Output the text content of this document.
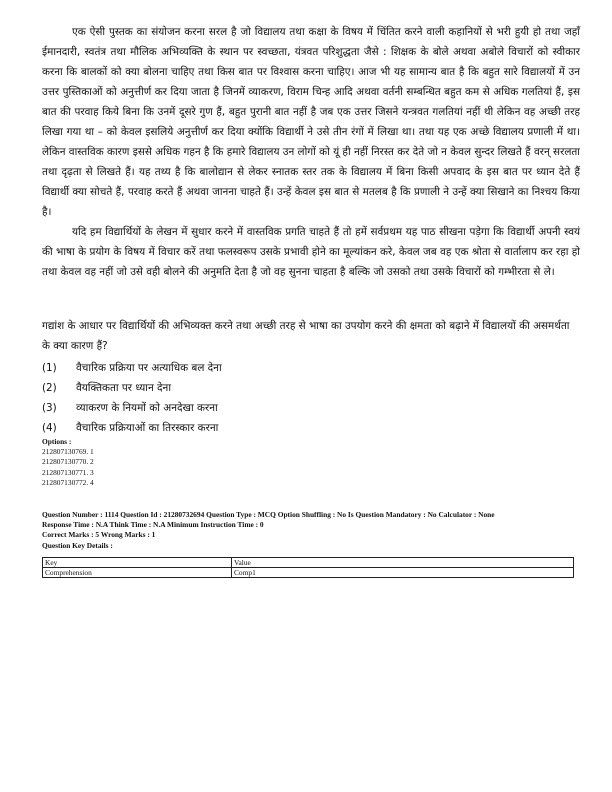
एक ऐसी पुस्तक का संयोजन करना सरल है जो विद्यालय तथा कक्षा के विषय में चिंतित करने वाली कहानियों से भरी हुयी हो तथा जहाँ ईमानदारी, स्वतंत्र तथा मौलिक अभिव्यक्ति के स्थान पर स्वच्छता, यंत्रवत परिशुद्धता जैसे : शिक्षक के बोले अथवा अबोले विचारों को स्वीकार करना कि बालकों को क्या बोलना चाहिए तथा किस बात पर विश्वास करना चाहिए। आज भी यह सामान्य बात है कि बहुत सारे विद्यालयों में उन उत्तर पुस्तिकाओं को अनुत्तीर्ण कर दिया जाता है जिनमें व्याकरण, विराम चिन्ह आदि अथवा वर्तनी सम्बन्धित बहुत कम से अधिक गलतियां हैं, इस बात की परवाह किये बिना कि उनमें दूसरे गुण हैं, बहुत पुरानी बात नहीं है जब एक उत्तर जिसने यन्त्रवत गलतियां नहीं थी लेकिन वह अच्छी तरह लिखा गया था – को केवल इसलिये अनुत्तीर्ण कर दिया क्योंकि विद्यार्थी ने उसे तीन रंगों में लिखा था। तथा यह एक अच्छे विद्यालय प्रणाली में था। लेकिन वास्तविक कारण इससे अधिक गहन है कि हमारे विद्यालय उन लोगों को यूं ही नहीं निरस्त कर देते जो न केवल सुन्दर लिखते हैं वरन् सरलता तथा दृढ़ता से लिखते हैं। यह तथ्य है कि बालोद्यान से लेकर स्नातक स्तर तक के विद्यालय में बिना किसी अपवाद के इस बात पर ध्यान देते हैं विद्यार्थी क्या सोचते हैं, परवाह करते हैं अथवा जानना चाहते हैं। उन्हें केवल इस बात से मतलब है कि प्रणाली ने उन्हें क्या सिखाने का निश्चय किया है।

यदि हम विद्यार्थियों के लेखन में सुधार करने में वास्तविक प्रगति चाहते हैं तो हमें सर्वप्रथम यह पाठ सीखना पड़ेगा कि विद्यार्थी अपनी स्वयं की भाषा के प्रयोग के विषय में विचार करें तथा फलस्वरूप उसके प्रभावी होने का मूल्यांकन करे, केवल जब वह एक श्रोता से वार्तालाप कर रहा हो तथा केवल वह नहीं जो उसे वही बोलने की अनुमति देता है जो वह सुनना चाहता है बल्कि जो उसको तथा उसके विचारों को गम्भीरता से ले।

गद्यांश के आधार पर विद्यार्थियों की अभिव्यक्त करने तथा अच्छी तरह से भाषा का उपयोग करने की क्षमता को बढ़ाने में विद्यालयों की असमर्थता के क्या कारण हैं?

(1)	वैचारिक प्रक्रिया पर अत्याधिक बल देना
(2)	वैयक्तिकता पर ध्यान देना
(3)	व्याकरण के नियमों को अनदेखा करना
(4)	वैचारिक प्रक्रियाओं का तिरस्कार करना

Options :

212807130769. 1

212807130770. 2

212807130771. 3

212807130772. 4

Question Number : 1114 Question Id : 21280732694 Question Type : MCQ Option Shuffling : No Is Question Mandatory : No Calculator : None

Response Time : N.A Think Time : N.A Minimum Instruction Time : 0

Correct Marks : 5 Wrong Marks : 1

Question Key Details :

Key	Value
Comprehension	Comp1
